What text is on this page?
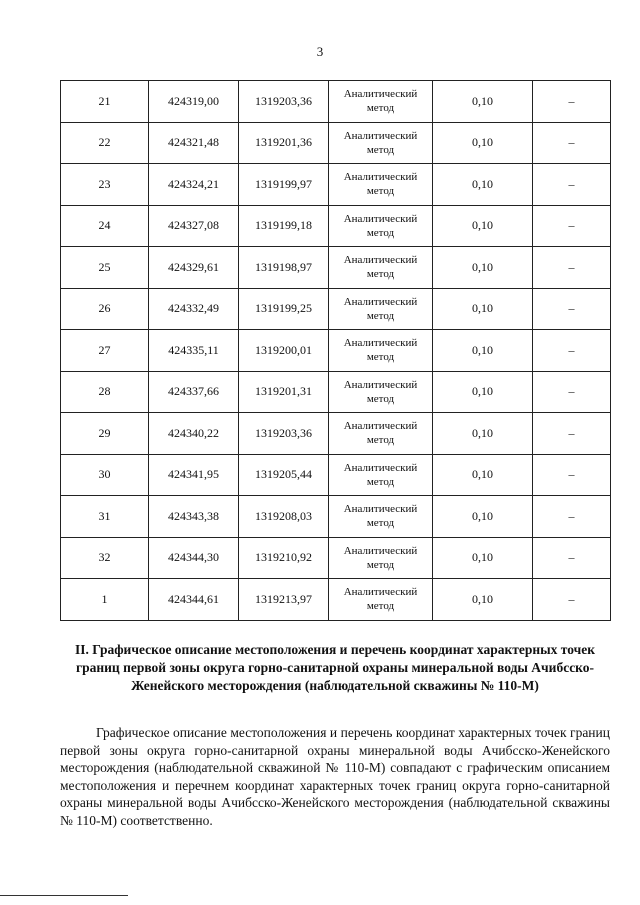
3
21	424319,00	1319203,36	Аналитический метод	0,10	–
22	424321,48	1319201,36	Аналитический метод	0,10	–
23	424324,21	1319199,97	Аналитический метод	0,10	–
24	424327,08	1319199,18	Аналитический метод	0,10	–
25	424329,61	1319198,97	Аналитический метод	0,10	–
26	424332,49	1319199,25	Аналитический метод	0,10	–
27	424335,11	1319200,01	Аналитический метод	0,10	–
28	424337,66	1319201,31	Аналитический метод	0,10	–
29	424340,22	1319203,36	Аналитический метод	0,10	–
30	424341,95	1319205,44	Аналитический метод	0,10	–
31	424343,38	1319208,03	Аналитический метод	0,10	–
32	424344,30	1319210,92	Аналитический метод	0,10	–
1	424344,61	1319213,97	Аналитический метод	0,10	–
II. Графическое описание местоположения и перечень координат характерных точек границ первой зоны округа горно-санитарной охраны минеральной воды Ачибсско-Женейского месторождения (наблюдательной скважины № 110-М)
Графическое описание местоположения и перечень координат характерных точек границ первой зоны округа горно-санитарной охраны минеральной воды Ачибсско-Женейского месторождения (наблюдательной скважиной № 110-М) совпадают с графическим описанием местоположения и перечнем координат характерных точек границ округа горно-санитарной охраны минеральной воды Ачибсско-Женейского месторождения (наблюдательной скважины № 110-М) соответственно.
